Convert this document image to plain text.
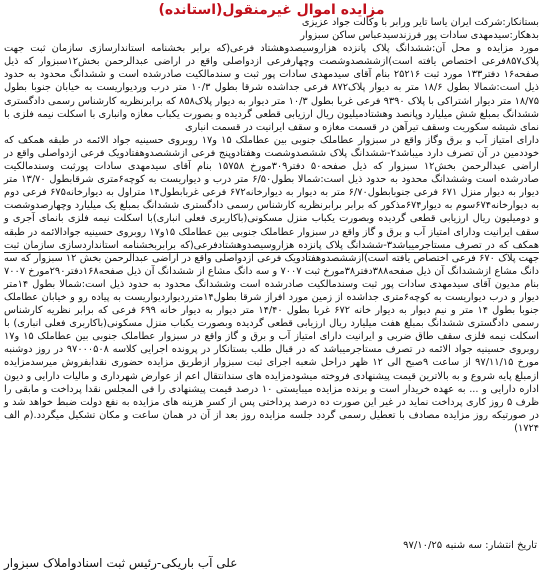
مزایده اموال غیرمنقول(استانده)
بستانکار:شرکت ایران یاسا تایر ورابر با وکالت جواد عزیزی
بدهکار:سیدمهدی سادات پور فرزندسیدعباس ساکن سبزوار
مورد مزایده و محل آن:ششدانگ پلاک پانزده هزاروسیصدوهشتاد فرعی(که برابر بخشنامه استاندارسازی سازمان ثبت جهت پلاک۸۵۷فرعی اختصاص یافته است)ازششصدوشصت وچهارفرعی ازدواصلی واقع در اراضی عبدالرحمن بخش۱۲سبزوار که ذیل صفحه۱۶ دفتر۱۳۳ مورد ثبت ۲۵۲۱۶ بنام آقای سیدمهدی سادات پور ثبت و سندمالکیت صادرشده است و ششدانگ محدود به حدود ذیل است:شمالا بطول ۱۸/۶ متر به دیوار پلاک۸۷۲ فرعی جداشده شرقا بطول ۱۰/۳ متر درب وردیواریست به خیابان جنوبا بطول ۱۸/۷۵ متر دیوار اشتراکی با پلاک ۹۳۹۰ فرعی غربا بطول ۱۰/۳ متر دیوار به دیوار پلاک۸۵۸ که برابرنظریه کارشناس رسمی دادگستری ششدانگ بمبلغ شش میلیارد وپانصد وهشتادمیلیون ریال ارزیابی قطعی گردیده و بصورت یکباب مغازه وانباری با اسکلت نیمه فلزی با نمای شیشه سکوریت وسقف تیرآهن در قسمت مغازه و سقف ایرانیت در قسمت انباری
دارای امتیاز آب و برق وگاز واقع در سبزوار عطاملک جنوبی بین عطاملک ۱۵ و۱۷ روبروی حسینیه جواد الائمه در طبقه همکف که خوددمین در آن تصرف دارد میباشد۲-ششدانگ پلاک ششصدوشصت وهفتادوپنج فرعی ازششصدوهفتادویک فرعی ازدواصلی واقع در اراضی عبدالرحمن بخش۱۲ سبزوار که ذیل صفحه۵۰ دفتر۳۰۹مورخ ۱۵۷۵۸ بنام آقای سیدمهدی سادات پورثبت وسندمالکیت صادرشده است وششدانگ محدود به حدود ذیل است:شمالا بطول۶/۵۰ متر درب و دیواریست به کوچه۶متری شرقابطول ۱۳/۷۰ متر دیوار به دیوار منزل ۶۷۱ فرعی جنوبابطول۶/۷۰ متر به دیوار به دیوارخانه۶۷۲ فرعی غربابطول۱۴ متراول به دیوارخانه۶۷۵ فرعی دوم به دیوارخانه۶۷۴سوم به دیوار۶۷۴مذکور که برابر برابرنظریه کارشناس رسمی دادگستری ششدانگ بمبلغ یک میلیارد وچهارصدوشصت و دومیلیون ریال ارزیابی قطعی گردیده وبصورت یکباب منزل مسکونی(باکاربری فعلی انباری)با اسکلت نیمه فلزی بانمای آجری و سقف ایرانیت ودارای امتیاز آب و برق و گاز واقع در سبزوار عطاملک جنوبی بین عطاملک ۱۵و۱۷ روبروی حسینیه جوادالائمه در طبقه همکف که در تصرف مستاجرمیباشد۳-ششدانگ پلاک پانزده هزاروسیصدوهشتادفرعی(که برابربخشنامه استانداردسازی سازمان ثبت جهت پلاک ۶۷۰ فرعی اختصاص یافته است)ازششصدوهفتادویک فرعی ازدواصلی واقع در اراضی عبدالرحمن بخش ۱۲ سبزوار که سه دانگ مشاع ازششدانگ آن ذیل صفحه۳۸۸دفتر۳۸مورخ ثبت ۷۰۰۷ و سه دانگ مشاع از ششدانگ آن ذیل صفحه۱۶۸دفتر۲۹۰مورخ ۷۰۰۷ بنام مدیون آقای سیدمهدی سادات پور ثبت وسندمالکیت صادرشده است وششدانگ محدود به حدود ذیل است:شمالا بطول ۱۴متر دیوار و درب دیواریست به کوچه۶متری جداشده از زمین مورد افراز شرقا بطول۱۴مترردیواردیواریست به پیاده رو و خیابان عطاملک جنوبا بطول ۱۴ متر و نیم دیوار به دیوار خانه ۶۷۲ غربا بطول ۱۴/۴۰ متر دیوار به دیوار خانه ۶۹۹ فرعی که برابر نظریه کارشناس رسمی دادگستری ششدانگ بمبلغ هفت میلیارد ریال ارزیابی قطعی گردیده وبصورت یکباب منزل مسکونی(باکاربری فعلی انباری) با اسکلت نیمه فلزی سقف طاق ضربی و ایرانیت دارای امتیاز آب و برق و گاز واقع در سبزوار عطاملک جنوبی بین عطاملک ۱۵ و۱۷ روبروی حسینیه جواد الائمه در تصرف مستاجرمیباشد که در قبال طلب بستانکار در پرونده اجرایی کلاسه ۹۷۰۰۰۵۰۸ در روز دوشنبه مورخ ۹۷/۱۱/۱۵ از ساعت ۹صبح الی ۱۲ ظهر دراحل شعبه اجرای ثبت سبزوار ازطریق مزایده حضوری نقدابفروش میرسدمزایده ازمبلغ پایه شروع و به بالاترین قیمت پیشنهادی فروخته میشودمزایده های سندانتقال اعم از عوارض شهرداری و مالیات دارایی و دیون اداره دارایی و ... به عهده خریدار است و برنده مزایده میبایستی ۱۰ درصد قیمت پیشنهادی را فی المجلس نقدا پرداخت و مابقی را ظرف ۵ روز کاری پرداخت نماید در غیر این صورت ده درصد پرداختی پس از کسر هزینه های مزایده به نفع دولت ضبط خواهد شد و در صورتیکه روز مزایده مصادف با تعطیل رسمی گردد جلسه مزایده روز بعد از آن در همان ساعت و مکان تشکیل میگردد.(م الف ۱۷۲۴)
تاریخ انتشار: سه شنبه ۹۷/۱۰/۲۵
علی آب باریکی-رئیس ثبت اسنادواملاک سبزوار
